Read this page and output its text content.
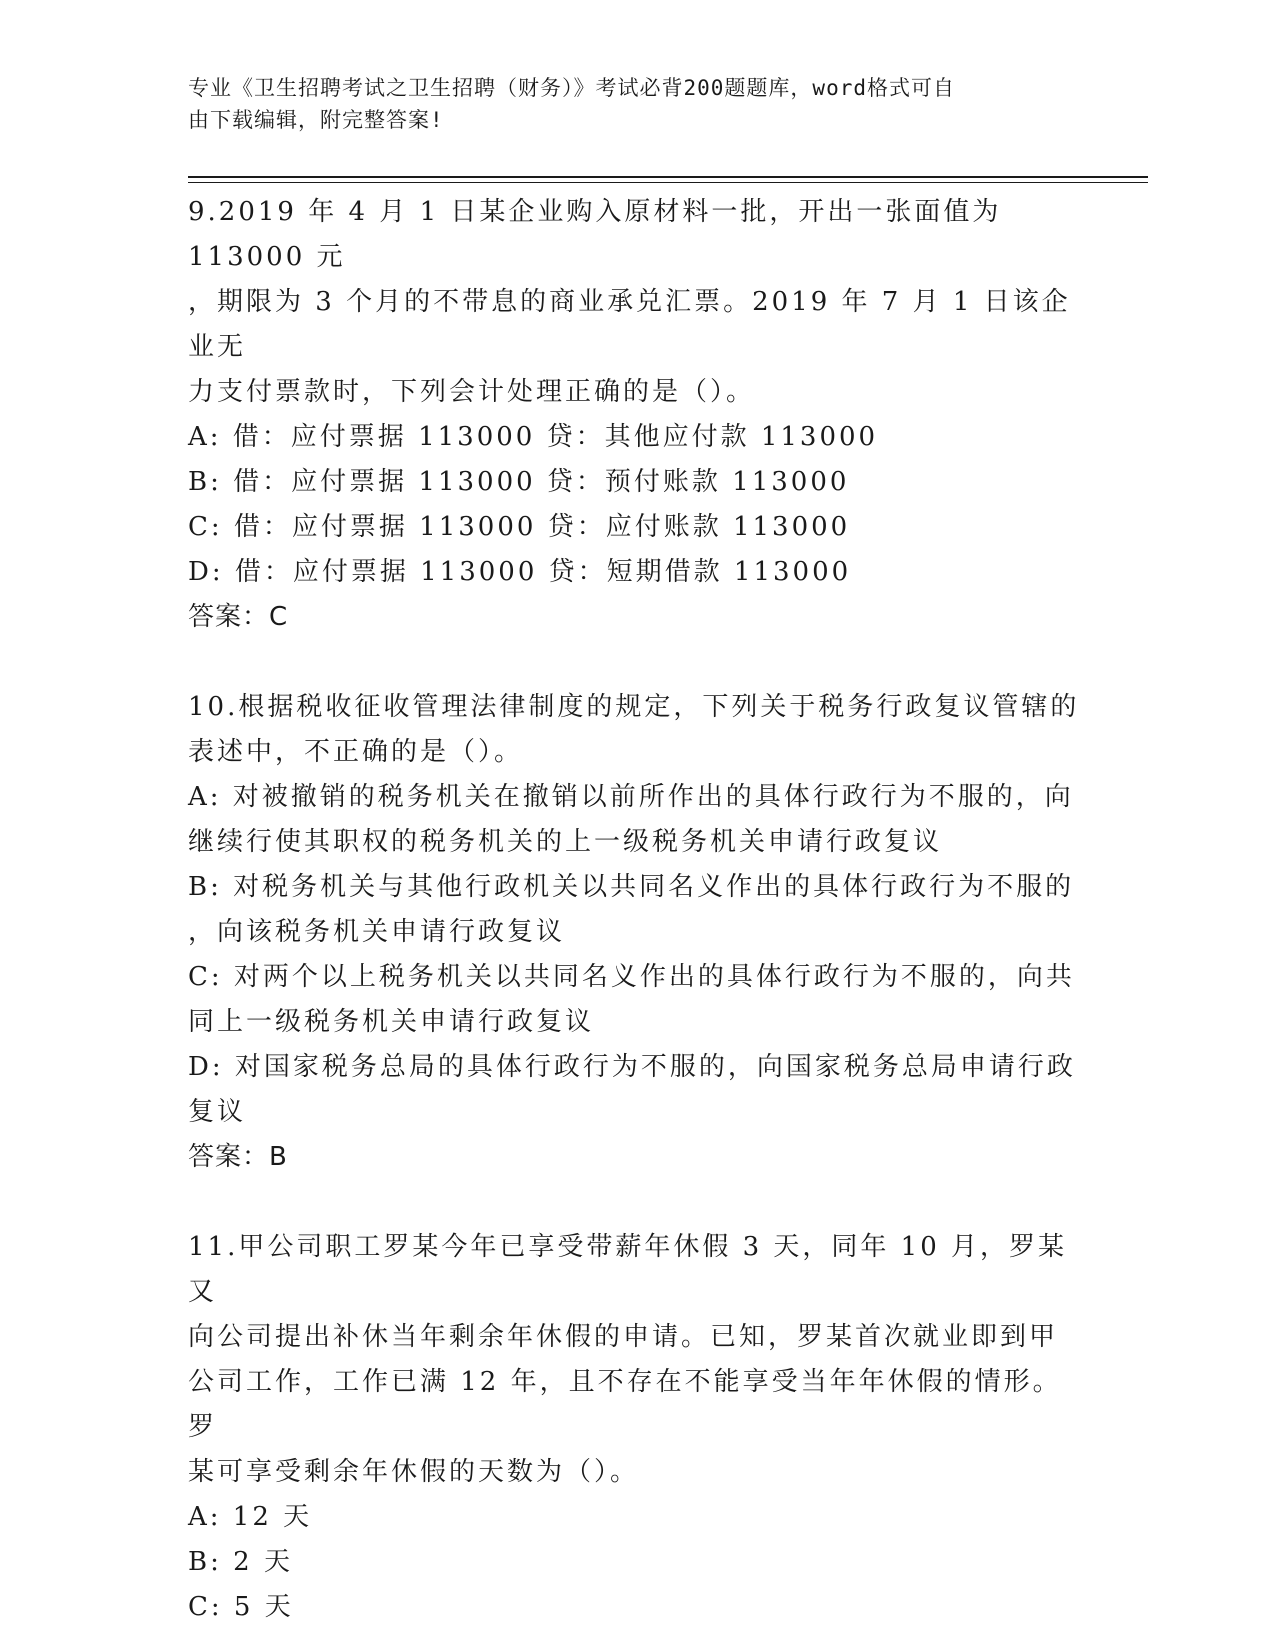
专业《卫生招聘考试之卫生招聘（财务）》考试必背200题题库，word格式可自
由下载编辑，附完整答案!

9.2019 年 4 月 1 日某企业购入原材料一批，开出一张面值为 113000 元

，期限为 3 个月的不带息的商业承兑汇票。2019 年 7 月 1 日该企业无

力支付票款时，下列会计处理正确的是（）。

A: 借：应付票据 113000 贷：其他应付款 113000

B: 借：应付票据 113000 贷：预付账款 113000

C: 借：应付票据 113000 贷：应付账款 113000

D: 借：应付票据 113000 贷：短期借款 113000

答案：C

10.根据税收征收管理法律制度的规定，下列关于税务行政复议管辖的

表述中，不正确的是（）。

A: 对被撤销的税务机关在撤销以前所作出的具体行政行为不服的，向

继续行使其职权的税务机关的上一级税务机关申请行政复议

B: 对税务机关与其他行政机关以共同名义作出的具体行政行为不服的

，向该税务机关申请行政复议

C: 对两个以上税务机关以共同名义作出的具体行政行为不服的，向共

同上一级税务机关申请行政复议

D: 对国家税务总局的具体行政行为不服的，向国家税务总局申请行政

复议

答案：B

11.甲公司职工罗某今年已享受带薪年休假 3 天，同年 10 月，罗某又

向公司提出补休当年剩余年休假的申请。已知，罗某首次就业即到甲

公司工作，工作已满 12 年，且不存在不能享受当年年休假的情形。罗

某可享受剩余年休假的天数为（）。

A: 12 天

B: 2 天

C: 5 天
